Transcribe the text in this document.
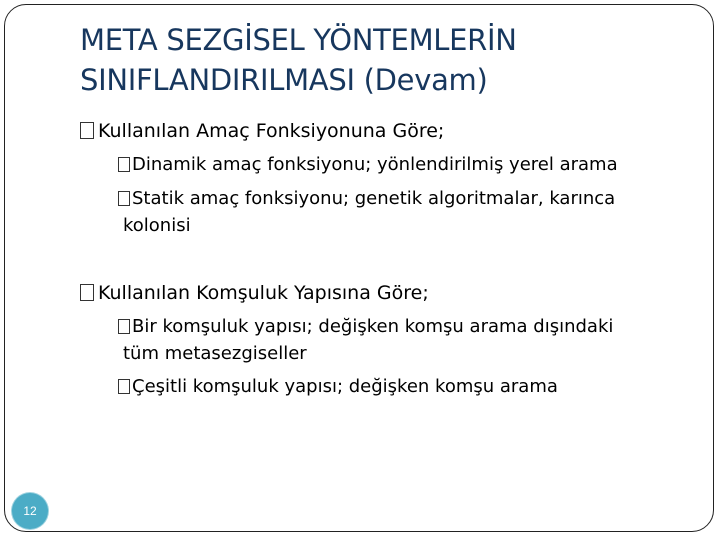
META SEZGİSEL YÖNTEMLERİN
SINIFLANDIRILMASI (Devam)
Kullanılan Amaç Fonksiyonuna Göre;
Dinamik amaç fonksiyonu; yönlendirilmiş yerel arama
Statik amaç fonksiyonu; genetik algoritmalar, karınca
kolonisi
Kullanılan Komşuluk Yapısına Göre;
Bir komşuluk yapısı; değişken komşu arama dışındaki
tüm metasezgiseller
Çeşitli komşuluk yapısı; değişken komşu arama
12
